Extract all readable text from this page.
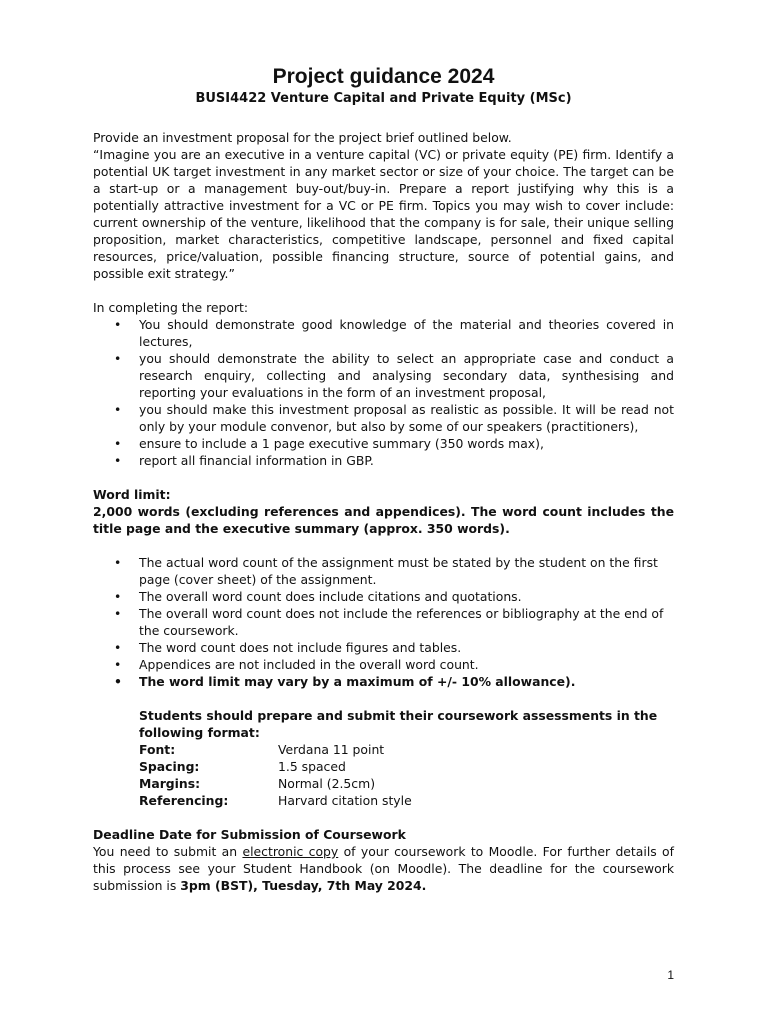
Project guidance 2024

BUSI4422 Venture Capital and Private Equity (MSc)

Provide an investment proposal for the project brief outlined below.

“Imagine you are an executive in a venture capital (VC) or private equity (PE) firm. Identify a potential UK target investment in any market sector or size of your choice. The target can be a start-up or a management buy-out/buy-in. Prepare a report justifying why this is a potentially attractive investment for a VC or PE firm. Topics you may wish to cover include: current ownership of the venture, likelihood that the company is for sale, their unique selling proposition, market characteristics, competitive landscape, personnel and fixed capital resources, price/valuation, possible financing structure, source of potential gains, and possible exit strategy.”

In completing the report:

• You should demonstrate good knowledge of the material and theories covered in lectures,
• you should demonstrate the ability to select an appropriate case and conduct a research enquiry, collecting and analysing secondary data, synthesising and reporting your evaluations in the form of an investment proposal,
• you should make this investment proposal as realistic as possible. It will be read not only by your module convenor, but also by some of our speakers (practitioners),
• ensure to include a 1 page executive summary (350 words max),
• report all financial information in GBP.

Word limit:

2,000 words (excluding references and appendices). The word count includes the title page and the executive summary (approx. 350 words).

• The actual word count of the assignment must be stated by the student on the first page (cover sheet) of the assignment.
• The overall word count does include citations and quotations.
• The overall word count does not include the references or bibliography at the end of the coursework.
• The word count does not include figures and tables.
• Appendices are not included in the overall word count.
• The word limit may vary by a maximum of +/- 10% allowance).

Students should prepare and submit their coursework assessments in the following format:

Font:	Verdana 11 point
Spacing:	1.5 spaced
Margins:	Normal (2.5cm)
Referencing:	Harvard citation style

Deadline Date for Submission of Coursework

You need to submit an electronic copy of your coursework to Moodle. For further details of this process see your Student Handbook (on Moodle). The deadline for the coursework submission is 3pm (BST), Tuesday, 7th May 2024.

1
